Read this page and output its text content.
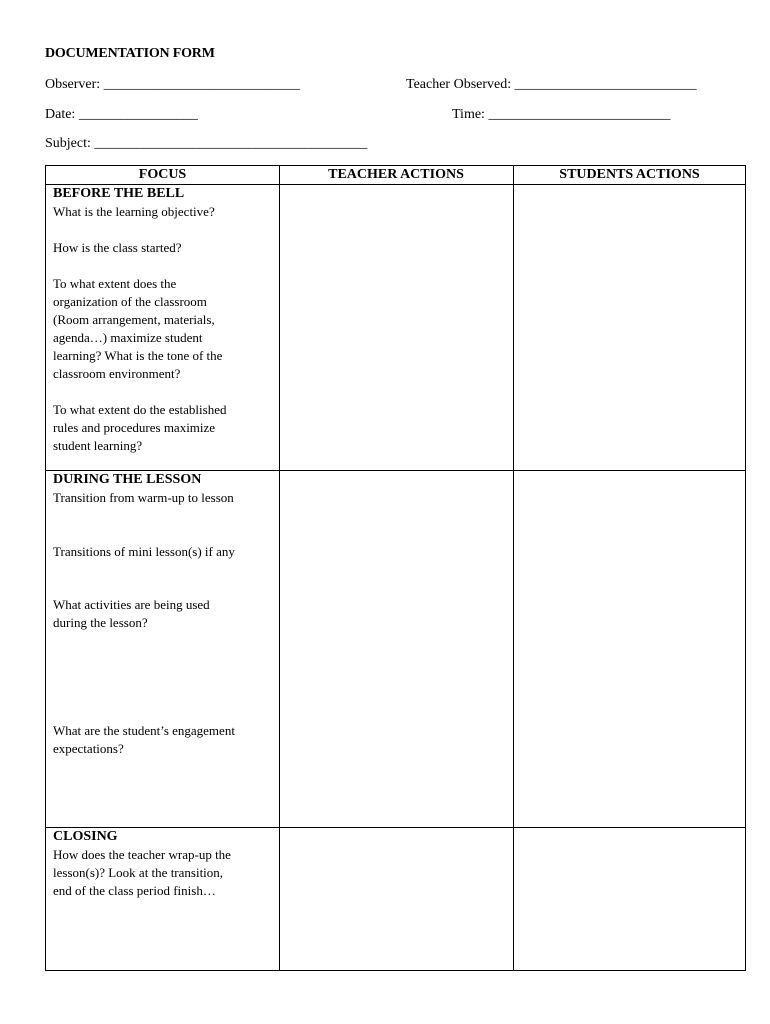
DOCUMENTATION FORM
Observer: ____________________________	Teacher Observed: __________________________
Date: _________________	Time: __________________________
Subject: _______________________________________
FOCUS	TEACHER ACTIONS	STUDENTS ACTIONS
BEFORE THE BELL
What is the learning objective?
How is the class started?
To what extent does the
organization of the classroom
(Room arrangement, materials,
agenda…) maximize student
learning? What is the tone of the
classroom environment?
To what extent do the established
rules and procedures maximize
student learning?
DURING THE LESSON
Transition from warm-up to lesson
Transitions of mini lesson(s) if any
What activities are being used
during the lesson?
What are the student’s engagement
expectations?
CLOSING
How does the teacher wrap-up the
lesson(s)? Look at the transition,
end of the class period finish…
